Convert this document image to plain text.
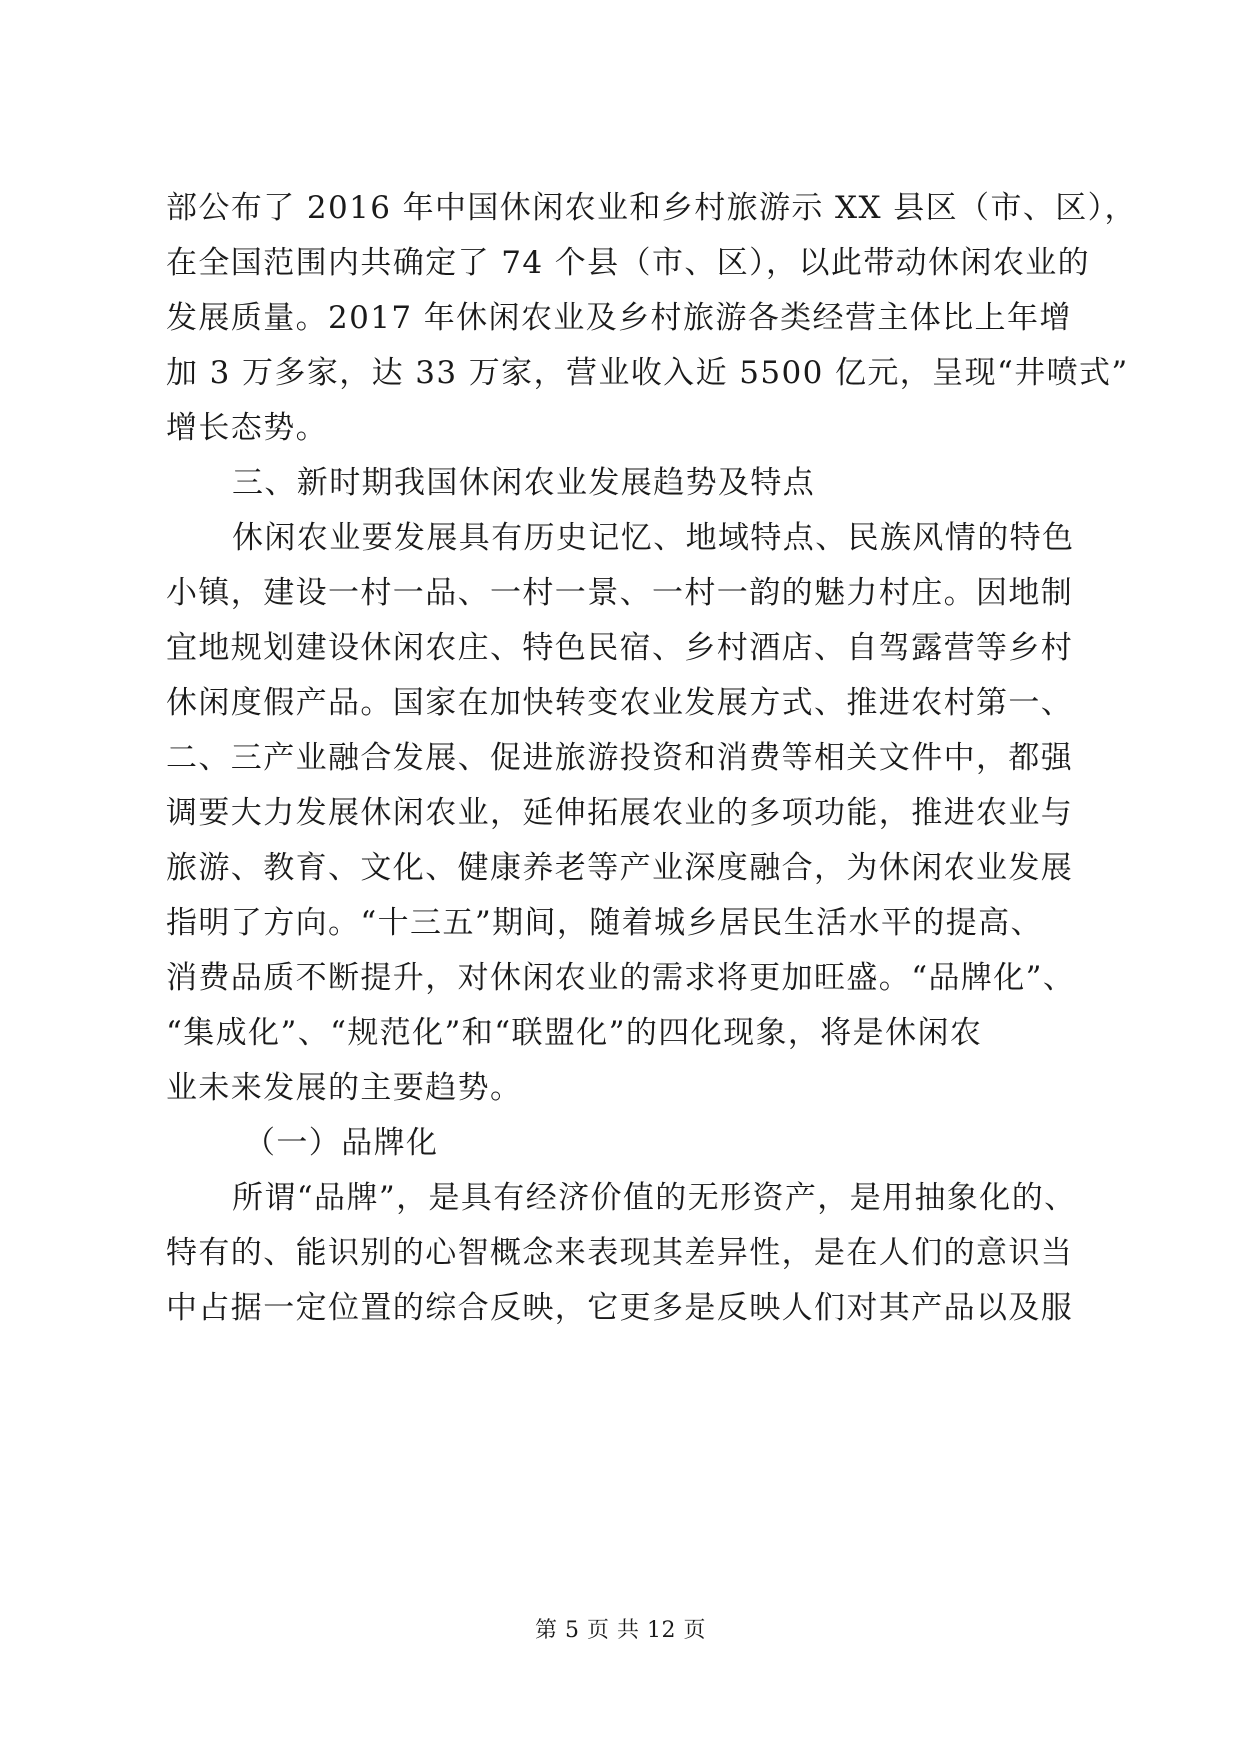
部公布了 2016 年中国休闲农业和乡村旅游示 XX 县区（市、区），
在全国范围内共确定了 74 个县（市、区），以此带动休闲农业的
发展质量。2017 年休闲农业及乡村旅游各类经营主体比上年增
加 3 万多家，达 33 万家，营业收入近 5500 亿元，呈现“井喷式”
增长态势。
三、新时期我国休闲农业发展趋势及特点
休闲农业要发展具有历史记忆、地域特点、民族风情的特色
小镇，建设一村一品、一村一景、一村一韵的魅力村庄。因地制
宜地规划建设休闲农庄、特色民宿、乡村酒店、自驾露营等乡村
休闲度假产品。国家在加快转变农业发展方式、推进农村第一、
二、三产业融合发展、促进旅游投资和消费等相关文件中，都强
调要大力发展休闲农业，延伸拓展农业的多项功能，推进农业与
旅游、教育、文化、健康养老等产业深度融合，为休闲农业发展
指明了方向。“十三五”期间，随着城乡居民生活水平的提高、
消费品质不断提升，对休闲农业的需求将更加旺盛。“品牌化”、
“集成化”、“规范化”和“联盟化”的四化现象，将是休闲农
业未来发展的主要趋势。
（一）品牌化
所谓“品牌”，是具有经济价值的无形资产，是用抽象化的、
特有的、能识别的心智概念来表现其差异性，是在人们的意识当
中占据一定位置的综合反映，它更多是反映人们对其产品以及服
第 5 页 共 12 页
